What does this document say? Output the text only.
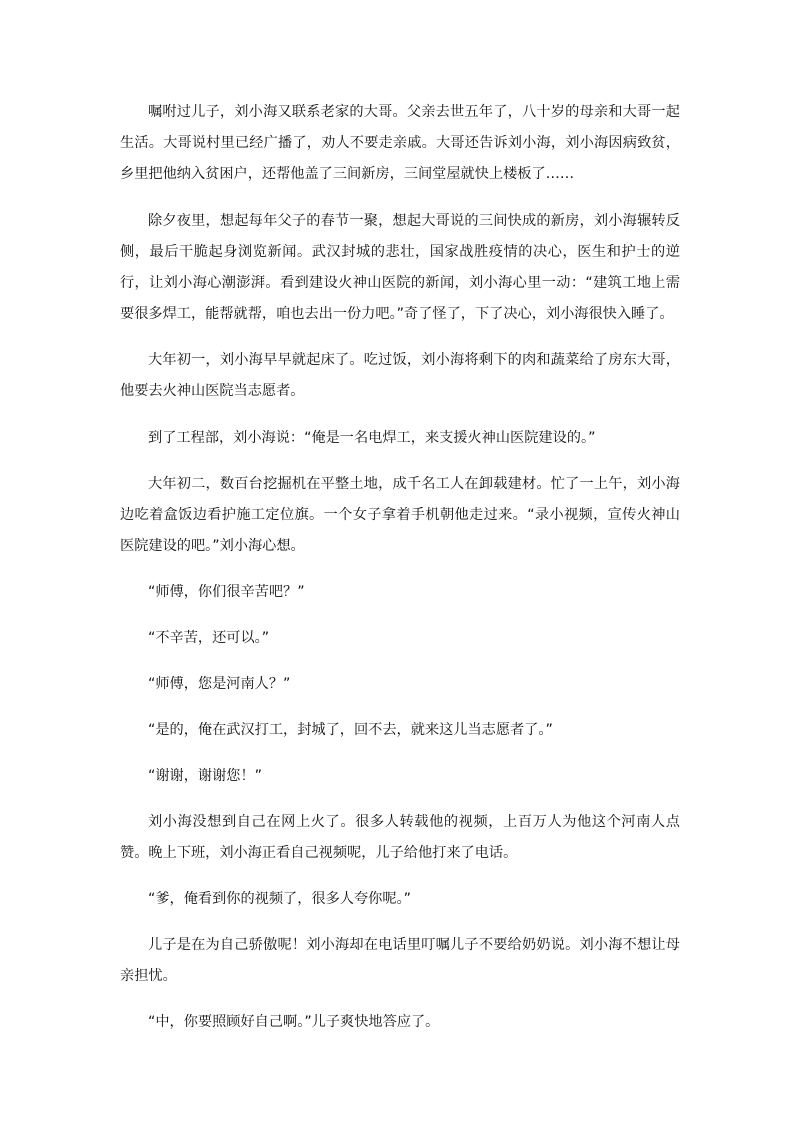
嘱咐过儿子，刘小海又联系老家的大哥。父亲去世五年了，八十岁的母亲和大哥一起生活。大哥说村里已经广播了，劝人不要走亲戚。大哥还告诉刘小海，刘小海因病致贫，乡里把他纳入贫困户，还帮他盖了三间新房，三间堂屋就快上楼板了……

除夕夜里，想起每年父子的春节一聚，想起大哥说的三间快成的新房，刘小海辗转反侧，最后干脆起身浏览新闻。武汉封城的悲壮，国家战胜疫情的决心，医生和护士的逆行，让刘小海心潮澎湃。看到建设火神山医院的新闻，刘小海心里一动：“建筑工地上需要很多焊工，能帮就帮，咱也去出一份力吧。”奇了怪了，下了决心，刘小海很快入睡了。

大年初一，刘小海早早就起床了。吃过饭，刘小海将剩下的肉和蔬菜给了房东大哥，他要去火神山医院当志愿者。

到了工程部，刘小海说：“俺是一名电焊工，来支援火神山医院建设的。”

大年初二，数百台挖掘机在平整土地，成千名工人在卸载建材。忙了一上午，刘小海边吃着盒饭边看护施工定位旗。一个女子拿着手机朝他走过来。“录小视频，宣传火神山医院建设的吧。”刘小海心想。

“师傅，你们很辛苦吧？”

“不辛苦，还可以。”

“师傅，您是河南人？”

“是的，俺在武汉打工，封城了，回不去，就来这儿当志愿者了。”

“谢谢，谢谢您！”

刘小海没想到自己在网上火了。很多人转载他的视频，上百万人为他这个河南人点赞。晚上下班，刘小海正看自己视频呢，儿子给他打来了电话。

“爹，俺看到你的视频了，很多人夸你呢。”

儿子是在为自己骄傲呢！刘小海却在电话里叮嘱儿子不要给奶奶说。刘小海不想让母亲担忧。

“中，你要照顾好自己啊。”儿子爽快地答应了。
